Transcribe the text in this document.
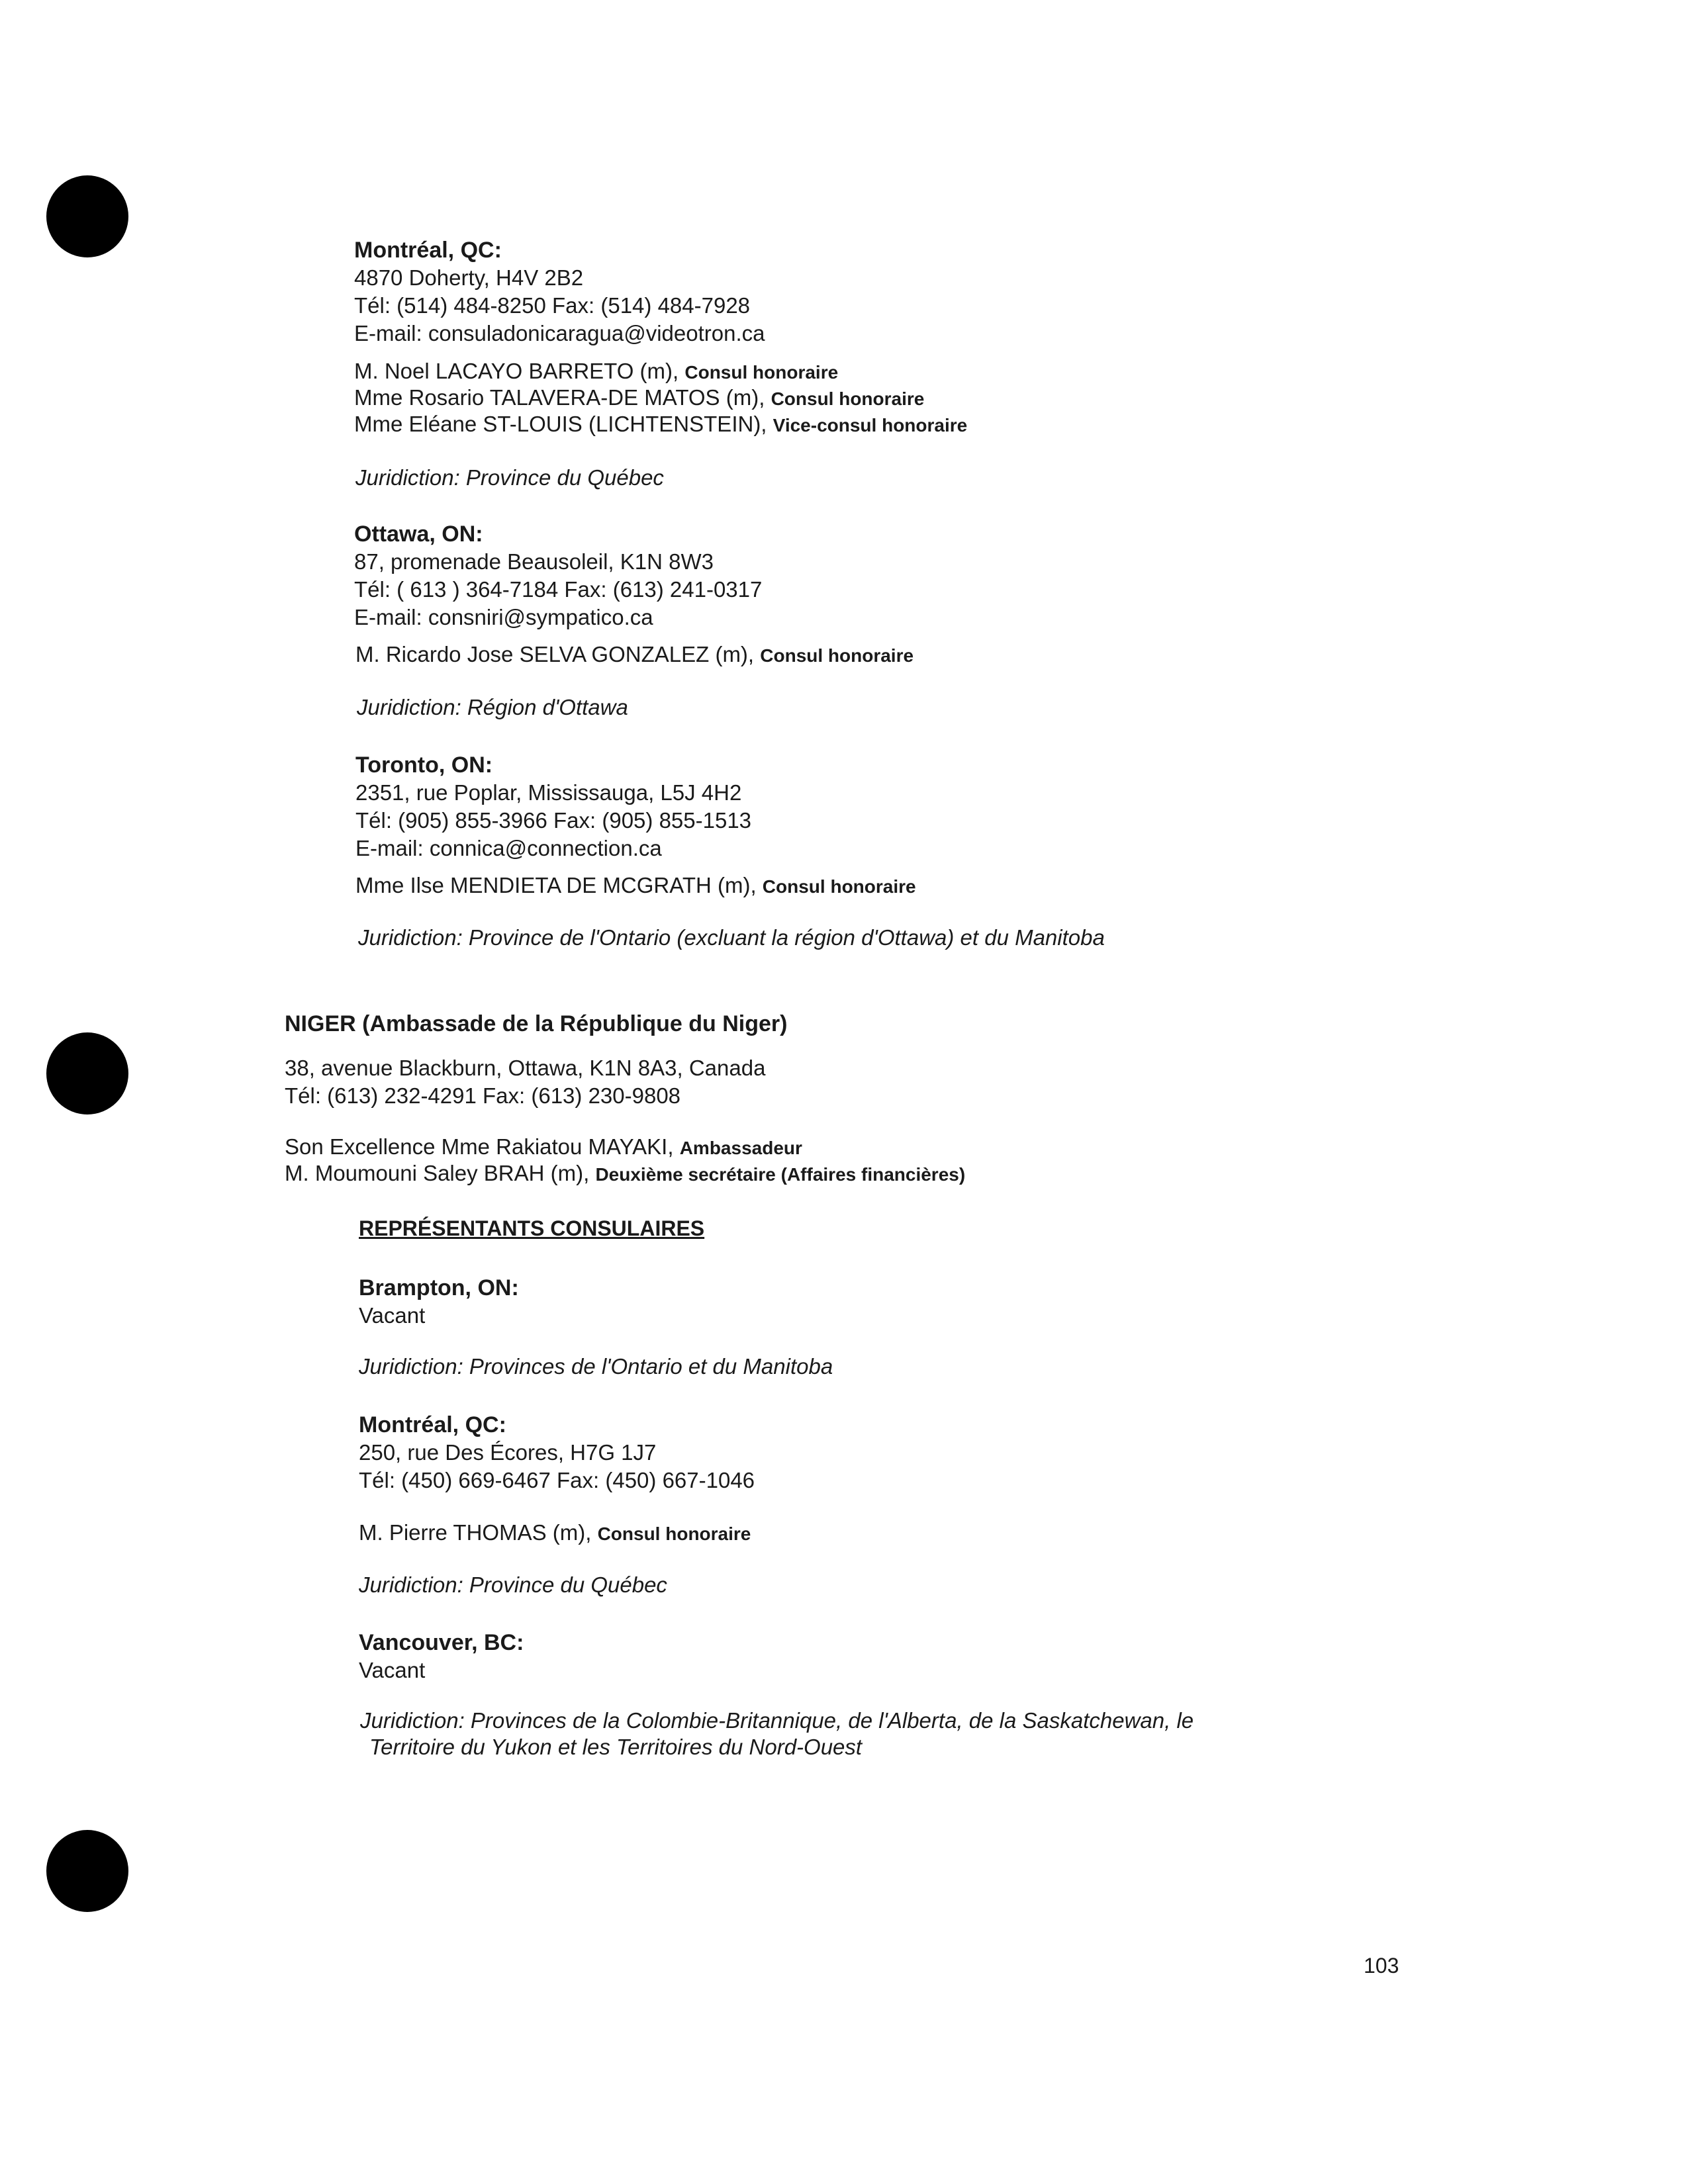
Montréal, QC:
4870 Doherty, H4V 2B2
Tél: (514) 484-8250 Fax: (514) 484-7928
E-mail: consuladonicaragua@videotron.ca
M. Noel LACAYO BARRETO (m), Consul honoraire
Mme Rosario TALAVERA-DE MATOS (m), Consul honoraire
Mme Eléane ST-LOUIS (LICHTENSTEIN), Vice-consul honoraire
Juridiction: Province du Québec
Ottawa, ON:
87, promenade Beausoleil, K1N 8W3
Tél: ( 613 ) 364-7184 Fax: (613) 241-0317
E-mail: consniri@sympatico.ca
M. Ricardo Jose SELVA GONZALEZ (m), Consul honoraire
Juridiction: Région d'Ottawa
Toronto, ON:
2351, rue Poplar, Mississauga, L5J 4H2
Tél: (905) 855-3966 Fax: (905) 855-1513
E-mail: connica@connection.ca
Mme Ilse MENDIETA DE MCGRATH (m), Consul honoraire
Juridiction: Province de l'Ontario (excluant la région d'Ottawa) et du Manitoba
NIGER (Ambassade de la République du Niger)
38, avenue Blackburn, Ottawa, K1N 8A3, Canada
Tél: (613) 232-4291 Fax: (613) 230-9808
Son Excellence Mme Rakiatou MAYAKI, Ambassadeur
M. Moumouni Saley BRAH (m), Deuxième secrétaire (Affaires financières)
REPRÉSENTANTS CONSULAIRES
Brampton, ON:
Vacant
Juridiction: Provinces de l'Ontario et du Manitoba
Montréal, QC:
250, rue Des Écores, H7G 1J7
Tél: (450) 669-6467 Fax: (450) 667-1046
M. Pierre THOMAS (m), Consul honoraire
Juridiction: Province du Québec
Vancouver, BC:
Vacant
Juridiction: Provinces de la Colombie-Britannique, de l'Alberta, de la Saskatchewan, le
Territoire du Yukon et les Territoires du Nord-Ouest
103
